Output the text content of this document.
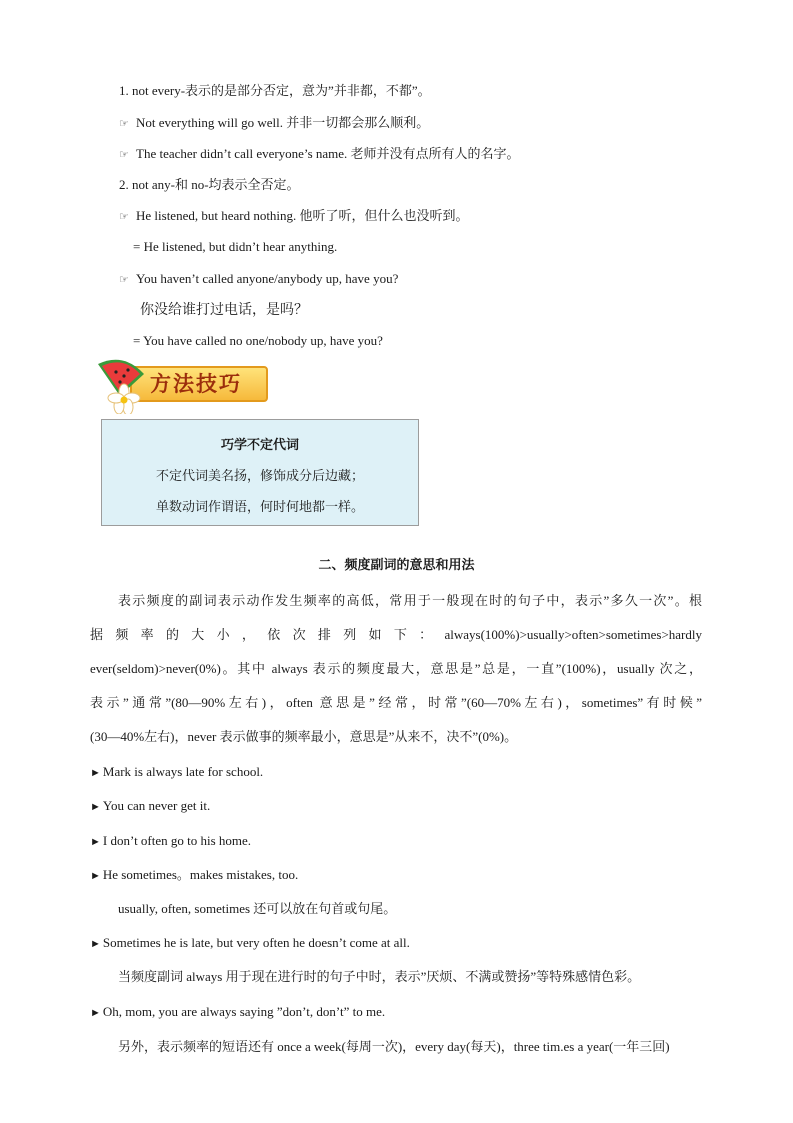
1. not every-表示的是部分否定，意为”并非都，不都”。
☞ Not everything will go well. 并非一切都会那么顺利。
☞ The teacher didn’t call everyone’s name. 老师并没有点所有人的名字。
2. not any-和 no-均表示全否定。
☞ He listened, but heard nothing. 他听了听，但什么也没听到。
= He listened, but didn’t hear anything.
☞ You haven’t called anyone/anybody up, have you?
你没给谁打过电话，是吗？
= You have called no one/nobody up, have you?
方法技巧
巧学不定代词
不定代词美名扬，修饰成分后边藏；
单数动词作谓语，何时何地都一样。
二、频度副词的意思和用法

表示频度的副词表示动作发生频率的高低，常用于一般现在时的句子中，表示”多久一次”。根

据 频 率 的 大 小 ， 依 次 排 列 如 下 ： always(100%)>usually>often>sometimes>hardly

ever(seldom)>never(0%)。其中 always 表示的频度最大，意思是”总是，一直”(100%)，usually 次之，

表示”通常”(80—90%左右)，often 意思是”经常，时常”(60—70%左右)，sometimes”有时候”

(30—40%左右)，never 表示做事的频率最小，意思是”从来不，决不”(0%)。

► Mark is always late for school.
► You can never get it.
► I don’t often go to his home.
► He sometimes。makes mistakes, too.
usually, often, sometimes 还可以放在句首或句尾。
► Sometimes he is late, but very often he doesn’t come at all.
当频度副词 always 用于现在进行时的句子中时，表示”厌烦、不满或赞扬”等特殊感情色彩。
► Oh, mom, you are always saying ”don’t, don’t” to me.
另外，表示频率的短语还有 once a week(每周一次)，every day(每天)，three tim.es a year(一年三回)
